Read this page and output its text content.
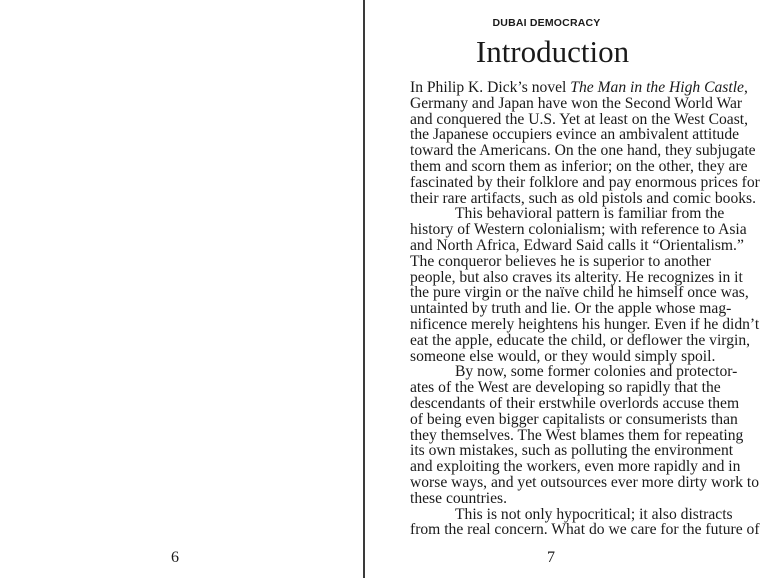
6
DUBAI DEMOCRACY
Introduction
In Philip K. Dick’s novel The Man in the High Castle,
Germany and Japan have won the Second World War
and conquered the U.S. Yet at least on the West Coast,
the Japanese occupiers evince an ambivalent attitude
toward the Americans. On the one hand, they subjugate
them and scorn them as inferior; on the other, they are
fascinated by their folklore and pay enormous prices for
their rare artifacts, such as old pistols and comic books.
This behavioral pattern is familiar from the
history of Western colonialism; with reference to Asia
and North Africa, Edward Said calls it “Orientalism.”
The conqueror believes he is superior to another
people, but also craves its alterity. He recognizes in it
the pure virgin or the naïve child he himself once was,
untainted by truth and lie. Or the apple whose mag-
nificence merely heightens his hunger. Even if he didn’t
eat the apple, educate the child, or deflower the virgin,
someone else would, or they would simply spoil.
By now, some former colonies and protector-
ates of the West are developing so rapidly that the
descendants of their erstwhile overlords accuse them
of being even bigger capitalists or consumerists than
they themselves. The West blames them for repeating
its own mistakes, such as polluting the environment
and exploiting the workers, even more rapidly and in
worse ways, and yet outsources ever more dirty work to
these countries.
This is not only hypocritical; it also distracts
from the real concern. What do we care for the future of
7
